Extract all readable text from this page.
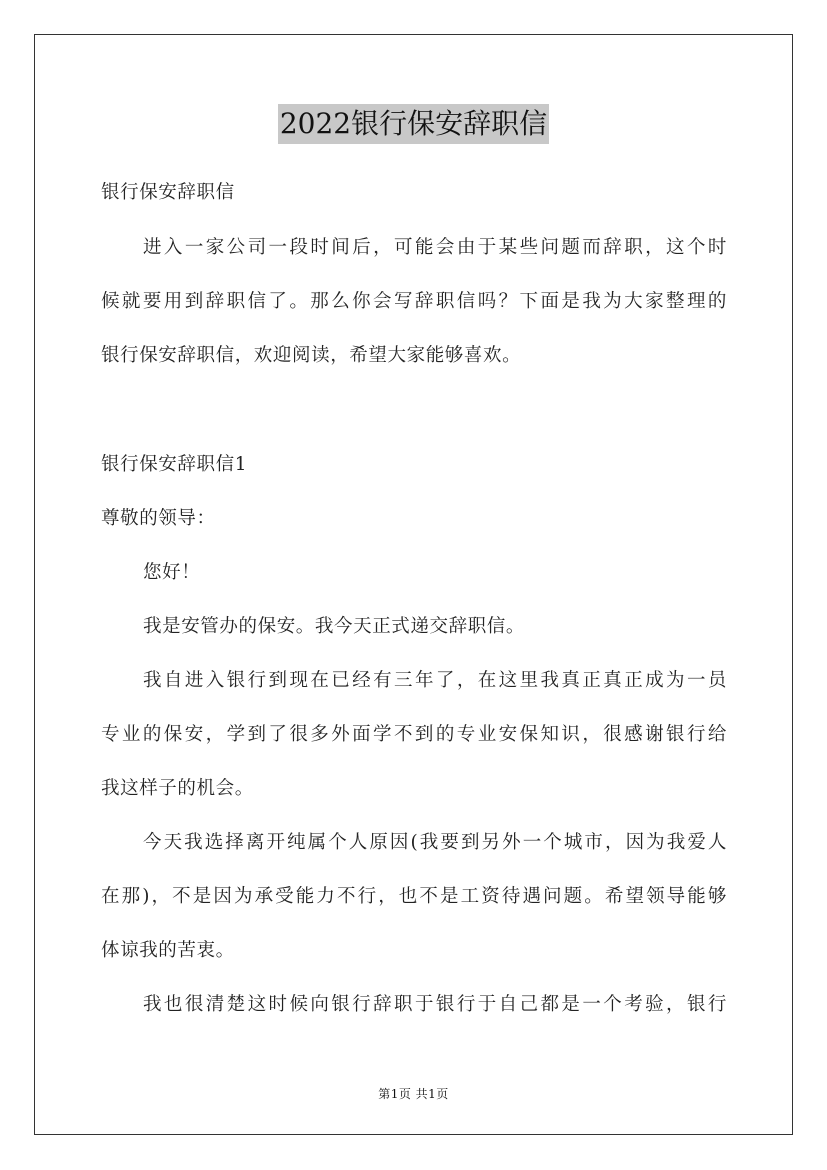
2022银行保安辞职信
银行保安辞职信
进入一家公司一段时间后，可能会由于某些问题而辞职，这个时
候就要用到辞职信了。那么你会写辞职信吗？下面是我为大家整理的
银行保安辞职信，欢迎阅读，希望大家能够喜欢。
银行保安辞职信1
尊敬的领导：
您好！
我是安管办的保安。我今天正式递交辞职信。
我自进入银行到现在已经有三年了，在这里我真正真正成为一员
专业的保安，学到了很多外面学不到的专业安保知识，很感谢银行给
我这样子的机会。
今天我选择离开纯属个人原因(我要到另外一个城市，因为我爱人
在那)，不是因为承受能力不行，也不是工资待遇问题。希望领导能够
体谅我的苦衷。
我也很清楚这时候向银行辞职于银行于自己都是一个考验，银行
第1页 共1页
